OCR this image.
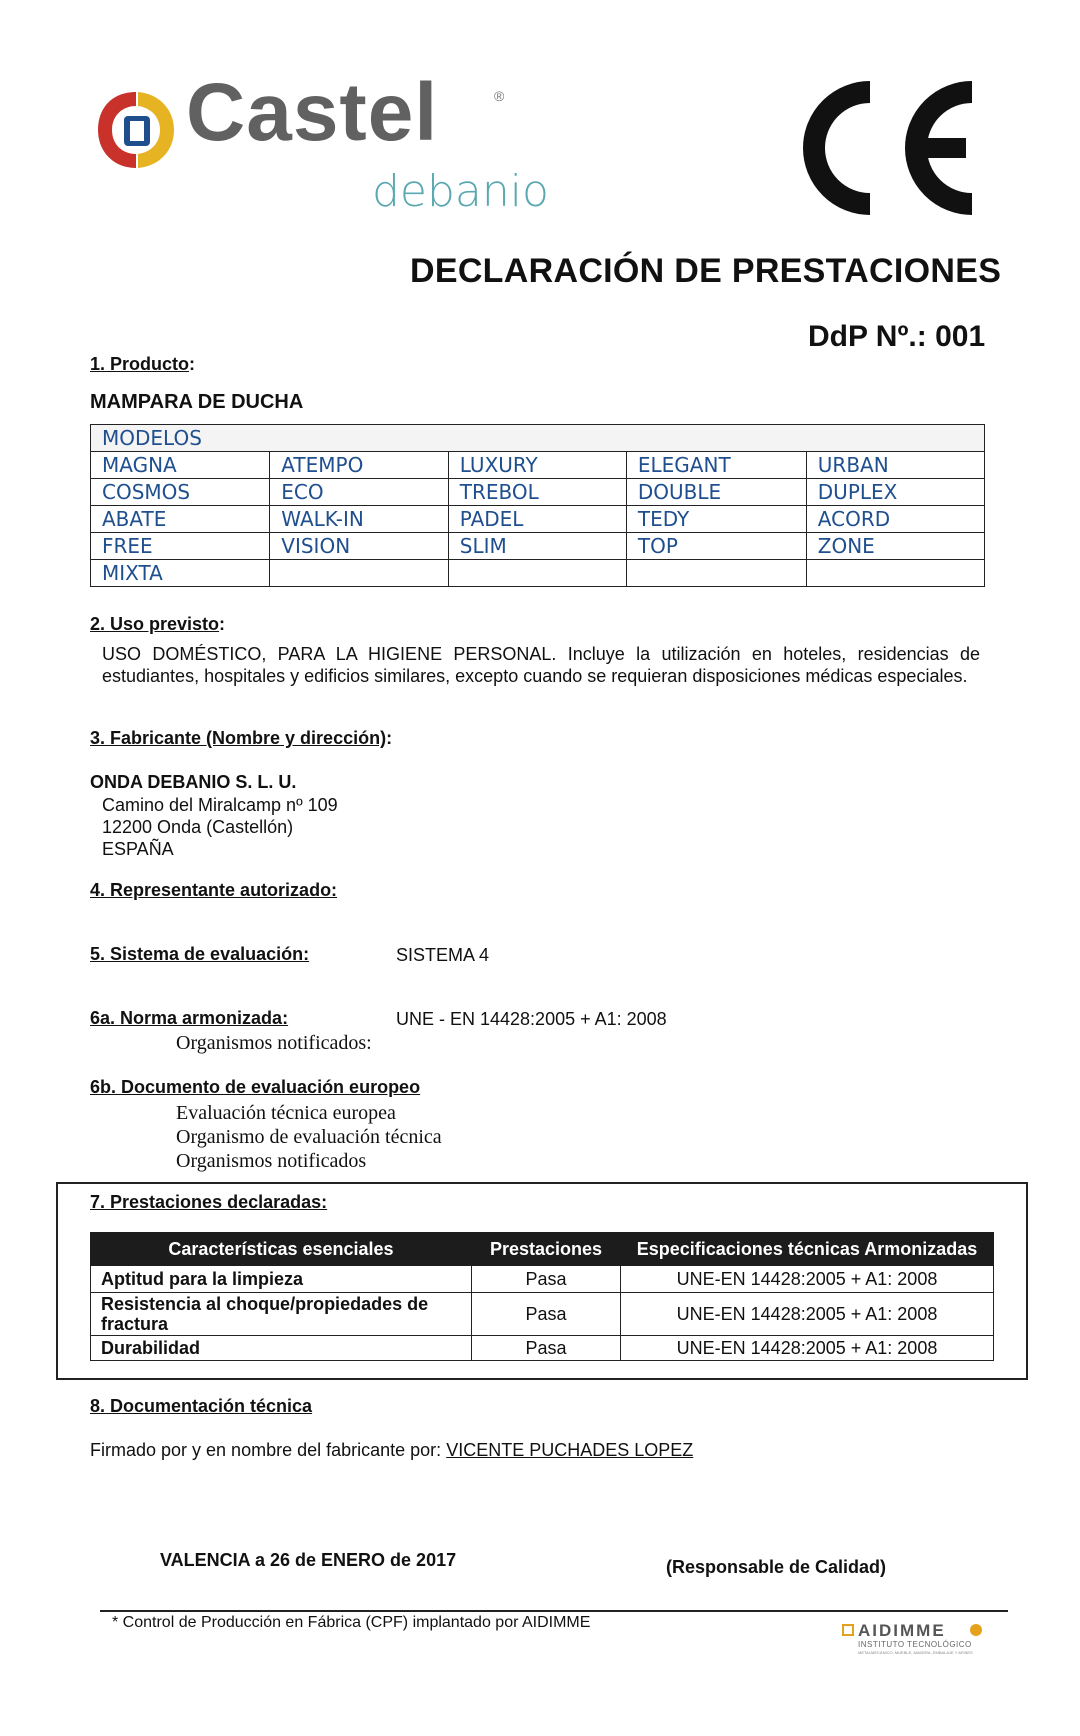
Castel	®
debanio
DECLARACIÓN DE PRESTACIONES
DdP Nº.: 001
1. Producto:
MAMPARA DE DUCHA
MODELOS				
MAGNA	ATEMPO	LUXURY	ELEGANT	URBAN
COSMOS	ECO	TREBOL	DOUBLE	DUPLEX
ABATE	WALK-IN	PADEL	TEDY	ACORD
FREE	VISION	SLIM	TOP	ZONE
MIXTA				
2. Uso previsto:
USO DOMÉSTICO, PARA LA HIGIENE PERSONAL. Incluye la utilización en hoteles, residencias de estudiantes, hospitales y edificios similares, excepto cuando se requieran disposiciones médicas especiales.
3. Fabricante (Nombre y dirección):
ONDA DEBANIO S. L. U.
Camino del Miralcamp nº 109
12200 Onda (Castellón)
ESPAÑA
4. Representante autorizado:
5. Sistema de evaluación:	SISTEMA 4
6a. Norma armonizada:	UNE - EN 14428:2005 + A1: 2008
Organismos notificados:
6b. Documento de evaluación europeo
Evaluación técnica europea
Organismo de evaluación técnica
Organismos notificados
7. Prestaciones declaradas:
Características esenciales	Prestaciones	Especificaciones técnicas Armonizadas
Aptitud para la limpieza	Pasa	UNE-EN 14428:2005 + A1: 2008
Resistencia al choque/propiedades de fractura	Pasa	UNE-EN 14428:2005 + A1: 2008
Durabilidad	Pasa	UNE-EN 14428:2005 + A1: 2008
8. Documentación técnica
Firmado por y en nombre del fabricante por: VICENTE PUCHADES LOPEZ
VALENCIA a 26 de ENERO de 2017	(Responsable de Calidad)
* Control de Producción en Fábrica (CPF) implantado por AIDIMME	AIDIMME
INSTITUTO TECNOLÓGICO
METALMECÁNICO, MUEBLE, MADERA, EMBALAJE Y AFINES
